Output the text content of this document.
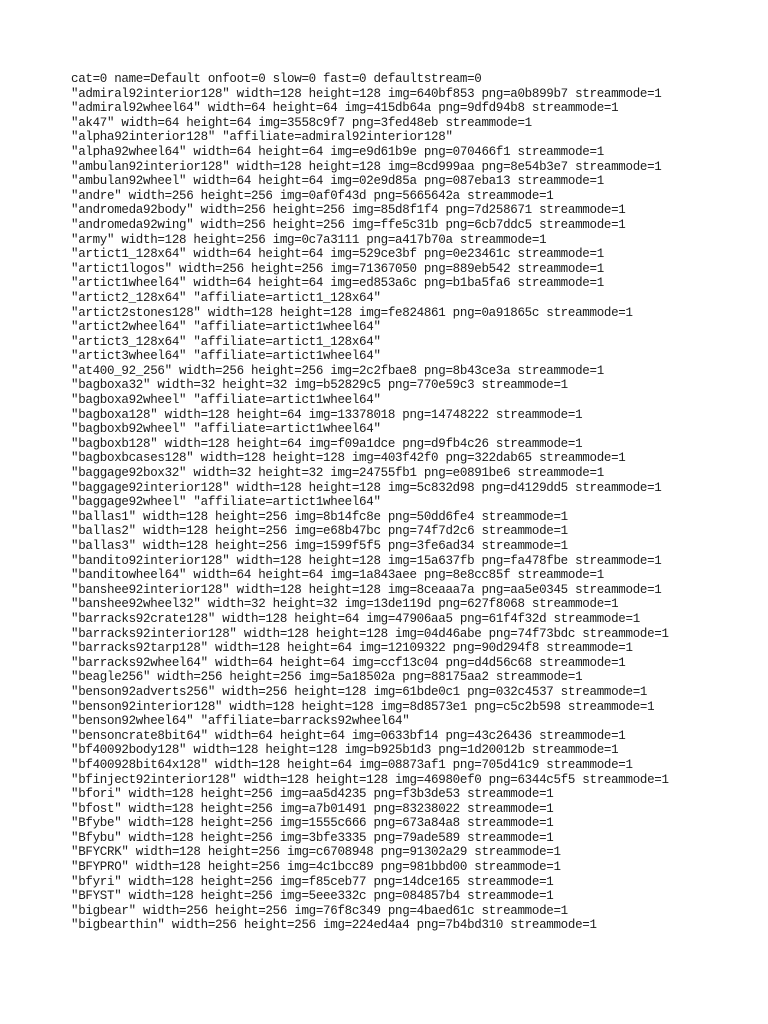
cat=0 name=Default onfoot=0 slow=0 fast=0 defaultstream=0
"admiral92interior128" width=128 height=128 img=640bf853 png=a0b899b7 streammode=1
"admiral92wheel64" width=64 height=64 img=415db64a png=9dfd94b8 streammode=1
"ak47" width=64 height=64 img=3558c9f7 png=3fed48eb streammode=1
"alpha92interior128" "affiliate=admiral92interior128"
"alpha92wheel64" width=64 height=64 img=e9d61b9e png=070466f1 streammode=1
"ambulan92interior128" width=128 height=128 img=8cd999aa png=8e54b3e7 streammode=1
"ambulan92wheel" width=64 height=64 img=02e9d85a png=087eba13 streammode=1
"andre" width=256 height=256 img=0af0f43d png=5665642a streammode=1
"andromeda92body" width=256 height=256 img=85d8f1f4 png=7d258671 streammode=1
"andromeda92wing" width=256 height=256 img=ffe5c31b png=6cb7ddc5 streammode=1
"army" width=128 height=256 img=0c7a3111 png=a417b70a streammode=1
"artict1_128x64" width=64 height=64 img=529ce3bf png=0e23461c streammode=1
"artict1logos" width=256 height=256 img=71367050 png=889eb542 streammode=1
"artict1wheel64" width=64 height=64 img=ed853a6c png=b1ba5fa6 streammode=1
"artict2_128x64" "affiliate=artict1_128x64"
"artict2stones128" width=128 height=128 img=fe824861 png=0a91865c streammode=1
"artict2wheel64" "affiliate=artict1wheel64"
"artict3_128x64" "affiliate=artict1_128x64"
"artict3wheel64" "affiliate=artict1wheel64"
"at400_92_256" width=256 height=256 img=2c2fbae8 png=8b43ce3a streammode=1
"bagboxa32" width=32 height=32 img=b52829c5 png=770e59c3 streammode=1
"bagboxa92wheel" "affiliate=artict1wheel64"
"bagboxa128" width=128 height=64 img=13378018 png=14748222 streammode=1
"bagboxb92wheel" "affiliate=artict1wheel64"
"bagboxb128" width=128 height=64 img=f09a1dce png=d9fb4c26 streammode=1
"bagboxbcases128" width=128 height=128 img=403f42f0 png=322dab65 streammode=1
"baggage92box32" width=32 height=32 img=24755fb1 png=e0891be6 streammode=1
"baggage92interior128" width=128 height=128 img=5c832d98 png=d4129dd5 streammode=1
"baggage92wheel" "affiliate=artict1wheel64"
"ballas1" width=128 height=256 img=8b14fc8e png=50dd6fe4 streammode=1
"ballas2" width=128 height=256 img=e68b47bc png=74f7d2c6 streammode=1
"ballas3" width=128 height=256 img=1599f5f5 png=3fe6ad34 streammode=1
"bandito92interior128" width=128 height=128 img=15a637fb png=fa478fbe streammode=1
"banditowheel64" width=64 height=64 img=1a843aee png=8e8cc85f streammode=1
"banshee92interior128" width=128 height=128 img=8ceaaa7a png=aa5e0345 streammode=1
"banshee92wheel32" width=32 height=32 img=13de119d png=627f8068 streammode=1
"barracks92crate128" width=128 height=64 img=47906aa5 png=61f4f32d streammode=1
"barracks92interior128" width=128 height=128 img=04d46abe png=74f73bdc streammode=1
"barracks92tarp128" width=128 height=64 img=12109322 png=90d294f8 streammode=1
"barracks92wheel64" width=64 height=64 img=ccf13c04 png=d4d56c68 streammode=1
"beagle256" width=256 height=256 img=5a18502a png=88175aa2 streammode=1
"benson92adverts256" width=256 height=128 img=61bde0c1 png=032c4537 streammode=1
"benson92interior128" width=128 height=128 img=8d8573e1 png=c5c2b598 streammode=1
"benson92wheel64" "affiliate=barracks92wheel64"
"bensoncrate8bit64" width=64 height=64 img=0633bf14 png=43c26436 streammode=1
"bf40092body128" width=128 height=128 img=b925b1d3 png=1d20012b streammode=1
"bf400928bit64x128" width=128 height=64 img=08873af1 png=705d41c9 streammode=1
"bfinject92interior128" width=128 height=128 img=46980ef0 png=6344c5f5 streammode=1
"bfori" width=128 height=256 img=aa5d4235 png=f3b3de53 streammode=1
"bfost" width=128 height=256 img=a7b01491 png=83238022 streammode=1
"Bfybe" width=128 height=256 img=1555c666 png=673a84a8 streammode=1
"Bfybu" width=128 height=256 img=3bfe3335 png=79ade589 streammode=1
"BFYCRK" width=128 height=256 img=c6708948 png=91302a29 streammode=1
"BFYPRO" width=128 height=256 img=4c1bcc89 png=981bbd00 streammode=1
"bfyri" width=128 height=256 img=f85ceb77 png=14dce165 streammode=1
"BFYST" width=128 height=256 img=5eee332c png=084857b4 streammode=1
"bigbear" width=256 height=256 img=76f8c349 png=4baed61c streammode=1
"bigbearthin" width=256 height=256 img=224ed4a4 png=7b4bd310 streammode=1
